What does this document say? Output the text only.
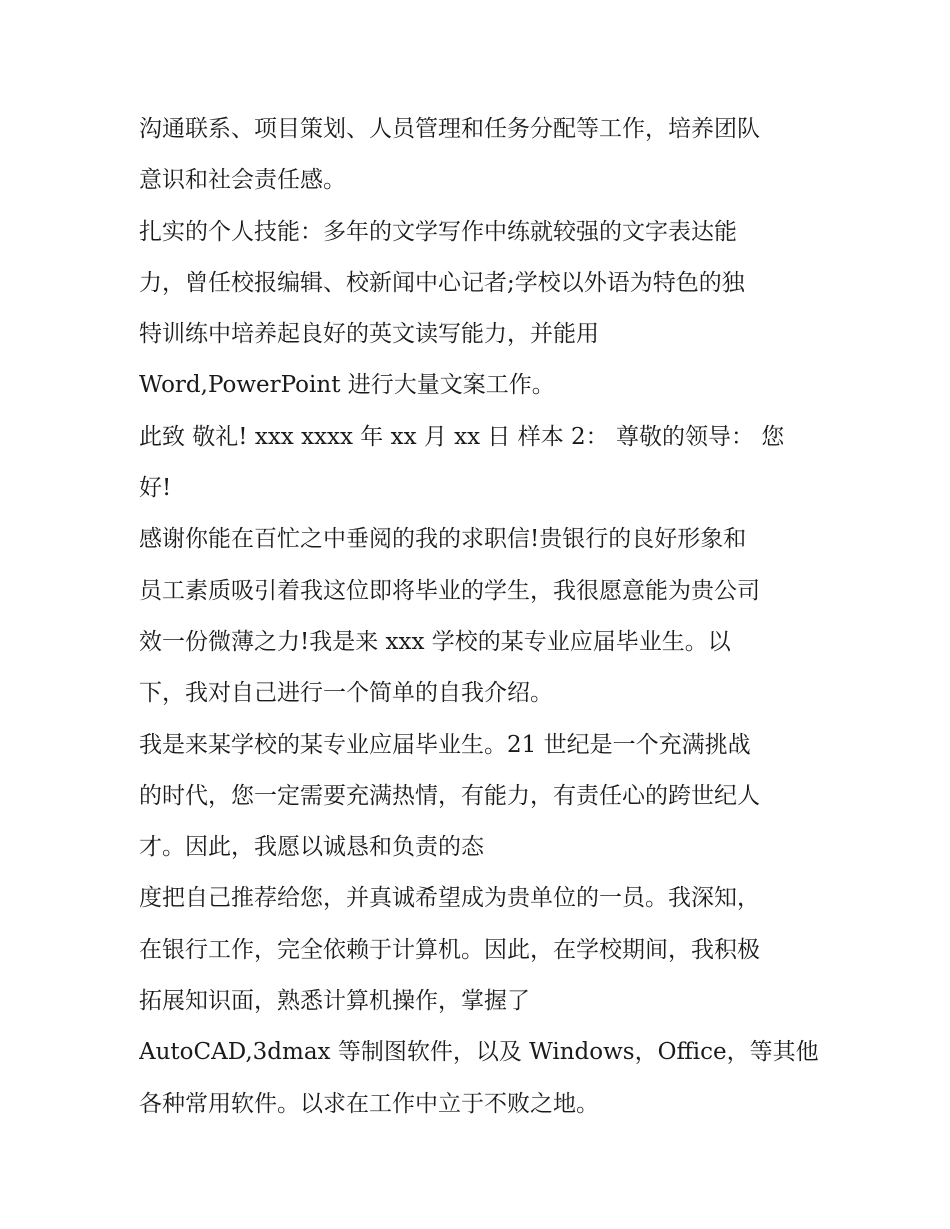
沟通联系、项目策划、人员管理和任务分配等工作，培养团队
意识和社会责任感。
扎实的个人技能：多年的文学写作中练就较强的文字表达能
力，曾任校报编辑、校新闻中心记者;学校以外语为特色的独
特训练中培养起良好的英文读写能力，并能用
Word,PowerPoint 进行大量文案工作。
此致 敬礼! xxx xxxx 年 xx 月 xx 日 样本 2： 尊敬的领导： 您
好!
感谢你能在百忙之中垂阅的我的求职信!贵银行的良好形象和
员工素质吸引着我这位即将毕业的学生，我很愿意能为贵公司
效一份微薄之力!我是来 xxx 学校的某专业应届毕业生。以
下，我对自己进行一个简单的自我介绍。
我是来某学校的某专业应届毕业生。21 世纪是一个充满挑战
的时代，您一定需要充满热情，有能力，有责任心的跨世纪人
才。因此，我愿以诚恳和负责的态
度把自己推荐给您，并真诚希望成为贵单位的一员。我深知，
在银行工作，完全依赖于计算机。因此，在学校期间，我积极
拓展知识面，熟悉计算机操作，掌握了
AutoCAD,3dmax 等制图软件，以及 Windows，Office，等其他
各种常用软件。以求在工作中立于不败之地。
